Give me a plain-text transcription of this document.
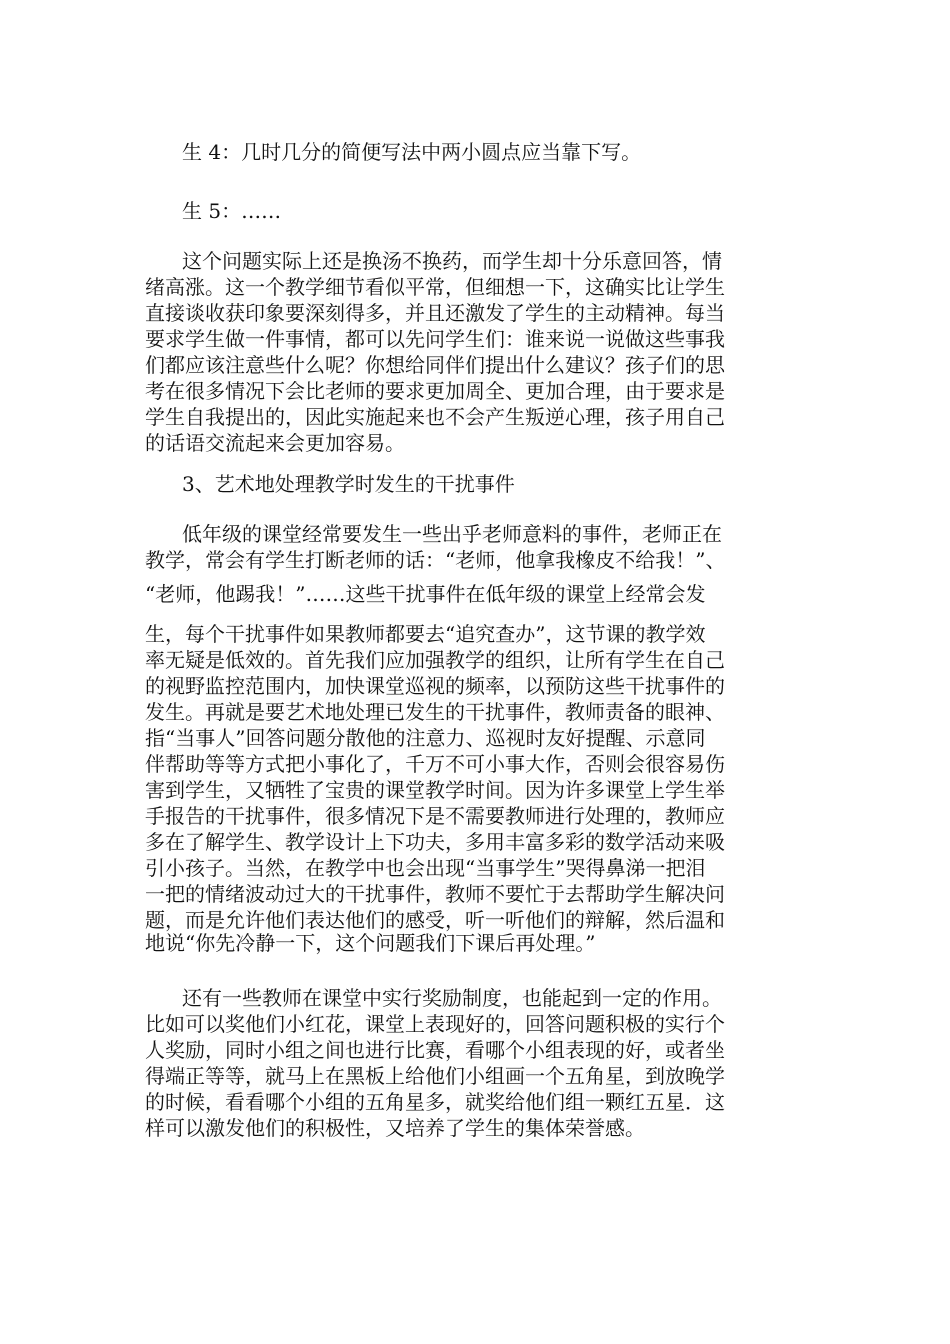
生 4：几时几分的简便写法中两小圆点应当靠下写。

生 5：……

这个问题实际上还是换汤不换药，而学生却十分乐意回答，情
绪高涨。这一个教学细节看似平常，但细想一下，这确实比让学生
直接谈收获印象要深刻得多，并且还激发了学生的主动精神。每当
要求学生做一件事情，都可以先问学生们：谁来说一说做这些事我
们都应该注意些什么呢？你想给同伴们提出什么建议？孩子们的思
考在很多情况下会比老师的要求更加周全、更加合理，由于要求是
学生自我提出的，因此实施起来也不会产生叛逆心理，孩子用自己
的话语交流起来会更加容易。

3、艺术地处理教学时发生的干扰事件

低年级的课堂经常要发生一些出乎老师意料的事件，老师正在
教学，常会有学生打断老师的话：“老师，他拿我橡皮不给我！”、

“老师，他踢我！”……这些干扰事件在低年级的课堂上经常会发

生，每个干扰事件如果教师都要去“追究查办”，这节课的教学效
率无疑是低效的。首先我们应加强教学的组织，让所有学生在自己
的视野监控范围内，加快课堂巡视的频率，以预防这些干扰事件的
发生。再就是要艺术地处理已发生的干扰事件，教师责备的眼神、
指“当事人”回答问题分散他的注意力、巡视时友好提醒、示意同
伴帮助等等方式把小事化了，千万不可小事大作，否则会很容易伤
害到学生，又牺牲了宝贵的课堂教学时间。因为许多课堂上学生举
手报告的干扰事件，很多情况下是不需要教师进行处理的，教师应
多在了解学生、教学设计上下功夫，多用丰富多彩的数学活动来吸
引小孩子。当然，在教学中也会出现“当事学生”哭得鼻涕一把泪
一把的情绪波动过大的干扰事件，教师不要忙于去帮助学生解决问
题，而是允许他们表达他们的感受，听一听他们的辩解，然后温和

地说“你先冷静一下，这个问题我们下课后再处理。”

还有一些教师在课堂中实行奖励制度，也能起到一定的作用。
比如可以奖他们小红花，课堂上表现好的，回答问题积极的实行个
人奖励，同时小组之间也进行比赛，看哪个小组表现的好，或者坐
得端正等等，就马上在黑板上给他们小组画一个五角星，到放晚学
的时候，看看哪个小组的五角星多，就奖给他们组一颗红五星．这
样可以激发他们的积极性，又培养了学生的集体荣誉感。
